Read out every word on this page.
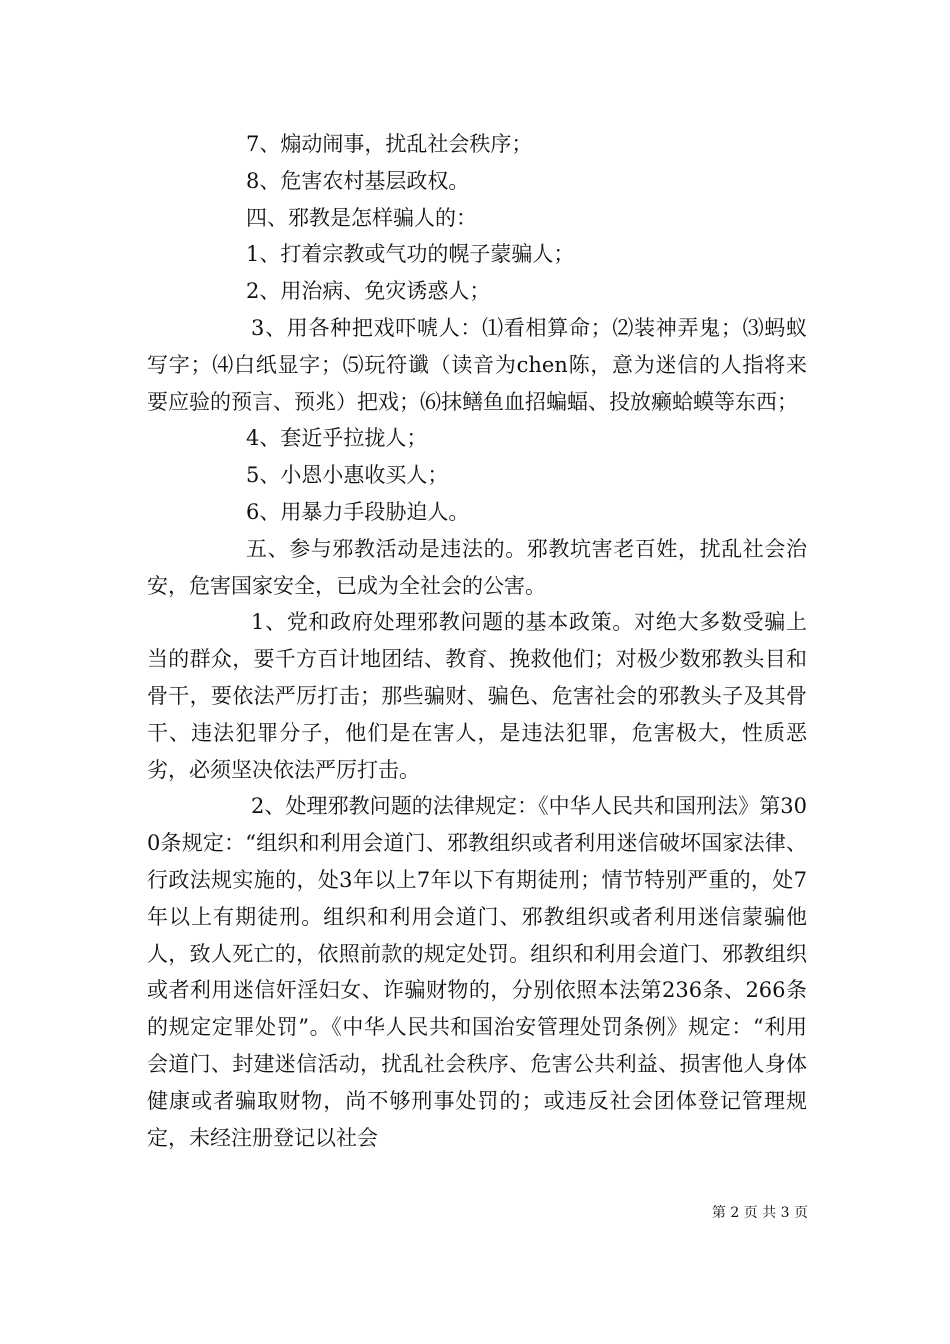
7、煽动闹事，扰乱社会秩序；

8、危害农村基层政权。

四、邪教是怎样骗人的：

1、打着宗教或气功的幌子蒙骗人；

2、用治病、免灾诱惑人；

3、用各种把戏吓唬人：⑴看相算命；⑵装神弄鬼；⑶蚂蚁写字；⑷白纸显字；⑸玩符谶（读音为chen陈，意为迷信的人指将来要应验的预言、预兆）把戏；⑹抹鳝鱼血招蝙蝠、投放癞蛤蟆等东西；

4、套近乎拉拢人；

5、小恩小惠收买人；

6、用暴力手段胁迫人。

五、参与邪教活动是违法的。邪教坑害老百姓，扰乱社会治安，危害国家安全，已成为全社会的公害。

1、党和政府处理邪教问题的基本政策。对绝大多数受骗上当的群众，要千方百计地团结、教育、挽救他们；对极少数邪教头目和骨干，要依法严厉打击；那些骗财、骗色、危害社会的邪教头子及其骨干、违法犯罪分子，他们是在害人，是违法犯罪，危害极大，性质恶劣，必须坚决依法严厉打击。

2、处理邪教问题的法律规定：《中华人民共和国刑法》第300条规定：“组织和利用会道门、邪教组织或者利用迷信破坏国家法律、行政法规实施的，处3年以上7年以下有期徒刑；情节特别严重的，处7年以上有期徒刑。组织和利用会道门、邪教组织或者利用迷信蒙骗他人，致人死亡的，依照前款的规定处罚。组织和利用会道门、邪教组织或者利用迷信奸淫妇女、诈骗财物的，分别依照本法第236条、266条的规定定罪处罚”。《中华人民共和国治安管理处罚条例》规定：“利用会道门、封建迷信活动，扰乱社会秩序、危害公共利益、损害他人身体健康或者骗取财物，尚不够刑事处罚的；或违反社会团体登记管理规定，未经注册登记以社会

第 2 页 共 3 页
